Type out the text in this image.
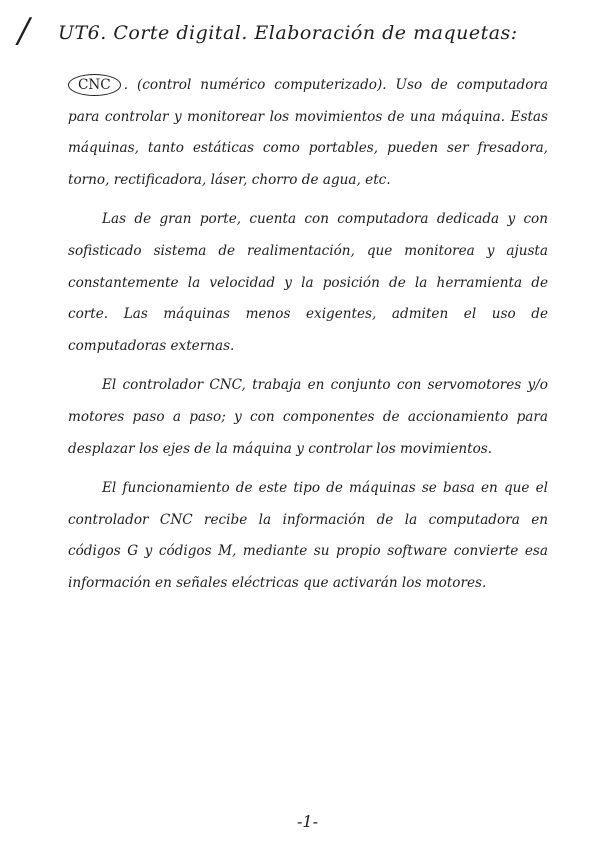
/ UT6. Corte digital. Elaboración de maquetas:

CNC . (control numérico computerizado). Uso de computadora para controlar y monitorear los movimientos de una máquina. Estas máquinas, tanto estáticas como portables, pueden ser fresadora, torno, rectificadora, láser, chorro de agua, etc.

Las de gran porte, cuenta con computadora dedicada y con sofisticado sistema de realimentación, que monitorea y ajusta constantemente la velocidad y la posición de la herramienta de corte. Las máquinas menos exigentes, admiten el uso de computadoras externas.

El controlador CNC, trabaja en conjunto con servomotores y/o motores paso a paso; y con componentes de accionamiento para desplazar los ejes de la máquina y controlar los movimientos.

El funcionamiento de este tipo de máquinas se basa en que el controlador CNC recibe la información de la computadora en códigos G y códigos M, mediante su propio software convierte esa información en señales eléctricas que activarán los motores.

-1-
